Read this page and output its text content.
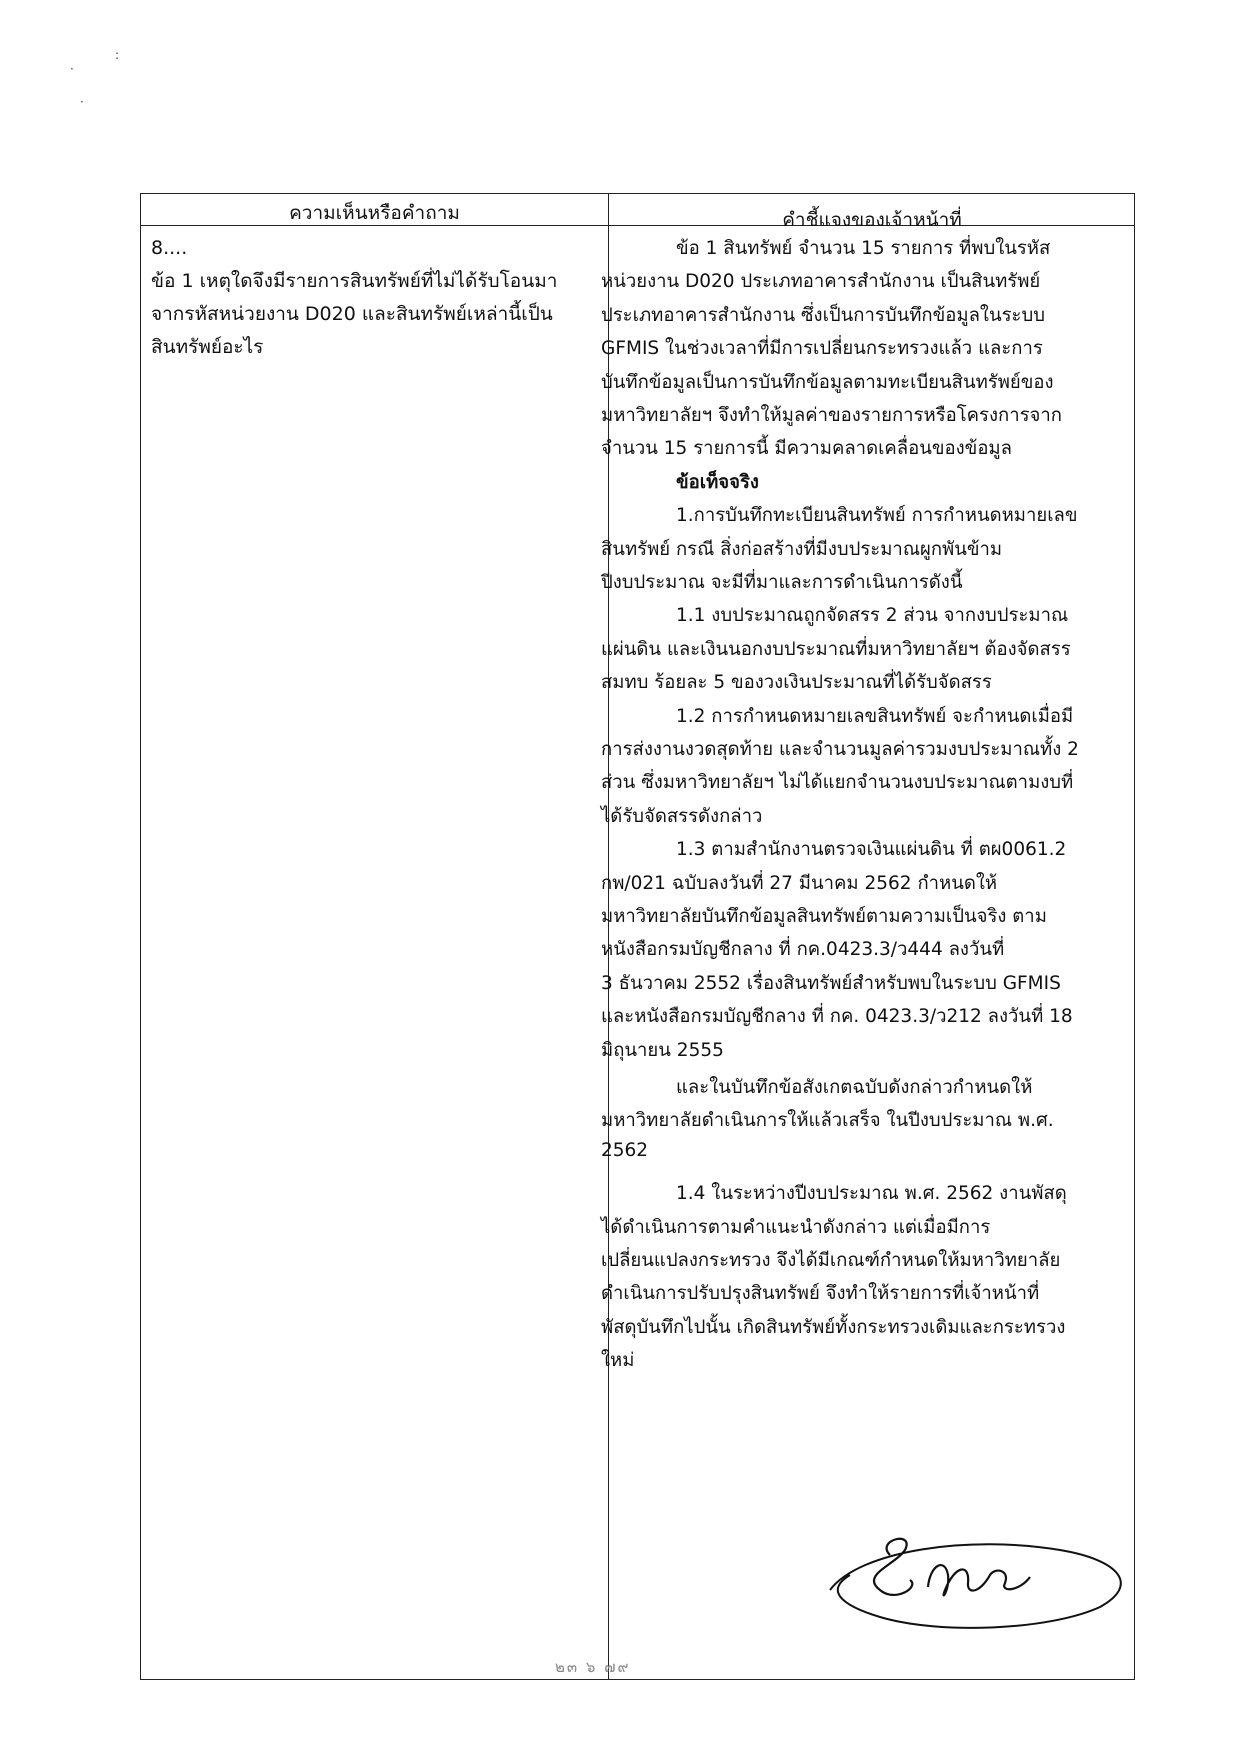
:
·
·
ความเห็นหรือคำถาม	คำชี้แจงของเจ้าหน้าที่
8....
ข้อ 1 เหตุใดจึงมีรายการสินทรัพย์ที่ไม่ได้รับโอนมา
จากรหัสหน่วยงาน D020 และสินทรัพย์เหล่านี้เป็น
สินทรัพย์อะไร
ข้อ 1 สินทรัพย์ จำนวน 15 รายการ ที่พบในรหัส
หน่วยงาน D020 ประเภทอาคารสำนักงาน เป็นสินทรัพย์
ประเภทอาคารสำนักงาน ซึ่งเป็นการบันทึกข้อมูลในระบบ
GFMIS ในช่วงเวลาที่มีการเปลี่ยนกระทรวงแล้ว และการ
บันทึกข้อมูลเป็นการบันทึกข้อมูลตามทะเบียนสินทรัพย์ของ
มหาวิทยาลัยฯ จึงทำให้มูลค่าของรายการหรือโครงการจาก
จำนวน 15 รายการนี้ มีความคลาดเคลื่อนของข้อมูล
ข้อเท็จจริง
1.การบันทึกทะเบียนสินทรัพย์ การกำหนดหมายเลข
สินทรัพย์ กรณี สิ่งก่อสร้างที่มีงบประมาณผูกพันข้าม
ปีงบประมาณ จะมีที่มาและการดำเนินการดังนี้
1.1 งบประมาณถูกจัดสรร 2 ส่วน จากงบประมาณ
แผ่นดิน และเงินนอกงบประมาณที่มหาวิทยาลัยฯ ต้องจัดสรร
สมทบ ร้อยละ 5 ของวงเงินประมาณที่ได้รับจัดสรร
1.2 การกำหนดหมายเลขสินทรัพย์ จะกำหนดเมื่อมี
การส่งงานงวดสุดท้าย และจำนวนมูลค่ารวมงบประมาณทั้ง 2
ส่วน ซึ่งมหาวิทยาลัยฯ ไม่ได้แยกจำนวนงบประมาณตามงบที่
ได้รับจัดสรรดังกล่าว
1.3 ตามสำนักงานตรวจเงินแผ่นดิน ที่ ตผ0061.2
กพ/021 ฉบับลงวันที่ 27 มีนาคม 2562 กำหนดให้
มหาวิทยาลัยบันทึกข้อมูลสินทรัพย์ตามความเป็นจริง ตาม
หนังสือกรมบัญชีกลาง ที่ กค.0423.3/ว444 ลงวันที่
3 ธันวาคม 2552 เรื่องสินทรัพย์สำหรับพบในระบบ GFMIS
และหนังสือกรมบัญชีกลาง ที่ กค. 0423.3/ว212 ลงวันที่ 18
มิถุนายน 2555
และในบันทึกข้อสังเกตฉบับดังกล่าวกำหนดให้
มหาวิทยาลัยดำเนินการให้แล้วเสร็จ ในปีงบประมาณ พ.ศ.
2562
1.4 ในระหว่างปีงบประมาณ พ.ศ. 2562 งานพัสดุ
ได้ดำเนินการตามคำแนะนำดังกล่าว แต่เมื่อมีการ
เปลี่ยนแปลงกระทรวง จึงได้มีเกณฑ์กำหนดให้มหาวิทยาลัย
ดำเนินการปรับปรุงสินทรัพย์ จึงทำให้รายการที่เจ้าหน้าที่
พัสดุบันทึกไปนั้น เกิดสินทรัพย์ทั้งกระทรวงเดิมและกระทรวง
ใหม่
๒๓ ๖ ๗๙
